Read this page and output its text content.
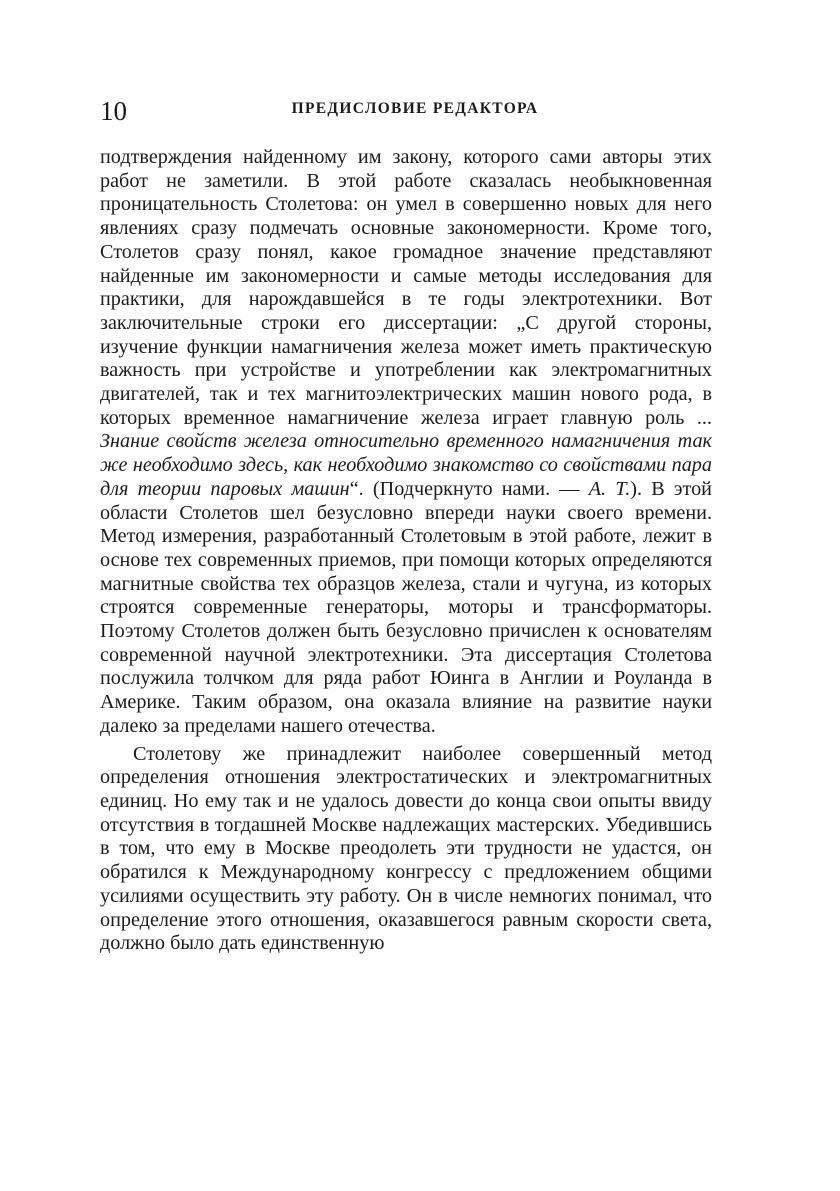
10	ПРЕДИСЛОВИЕ РЕДАКТОРА

подтверждения найденному им закону, которого сами авторы этих работ не заметили. В этой работе сказалась необыкновенная проницательность Столетова: он умел в совершенно новых для него явлениях сразу подмечать основные закономерности. Кроме того, Столетов сразу понял, какое громадное значение представляют найденные им закономерности и самые методы исследования для практики, для нарождавшейся в те годы электротехники. Вот заключительные строки его диссертации: „С другой стороны, изучение функции намагничения железа может иметь практическую важность при устройстве и употреблении как электромагнитных двигателей, так и тех магнитоэлектрических машин нового рода, в которых временное намагничение железа играет главную роль ... Знание свойств железа относительно временного намагничения так же необходимо здесь, как необходимо знакомство со свойствами пара для теории паровых машин“. (Подчеркнуто нами. — А. Т.). В этой области Столетов шел безусловно впереди науки своего времени. Метод измерения, разработанный Столетовым в этой работе, лежит в основе тех современных приемов, при помощи которых определяются магнитные свойства тех образцов железа, стали и чугуна, из которых строятся современные генераторы, моторы и трансформаторы. Поэтому Столетов должен быть безусловно причислен к основателям современной научной электротехники. Эта диссертация Столетова послужила толчком для ряда работ Юинга в Англии и Роуланда в Америке. Таким образом, она оказала влияние на развитие науки далеко за пределами нашего отечества.

Столетову же принадлежит наиболее совершенный метод определения отношения электростатических и электромагнитных единиц. Но ему так и не удалось довести до конца свои опыты ввиду отсутствия в тогдашней Москве надлежащих мастерских. Убедившись в том, что ему в Москве преодолеть эти трудности не удастся, он обратился к Международному конгрессу с предложением общими усилиями осуществить эту работу. Он в числе немногих понимал, что определение этого отношения, оказавшегося равным скорости света, должно было дать единственную
